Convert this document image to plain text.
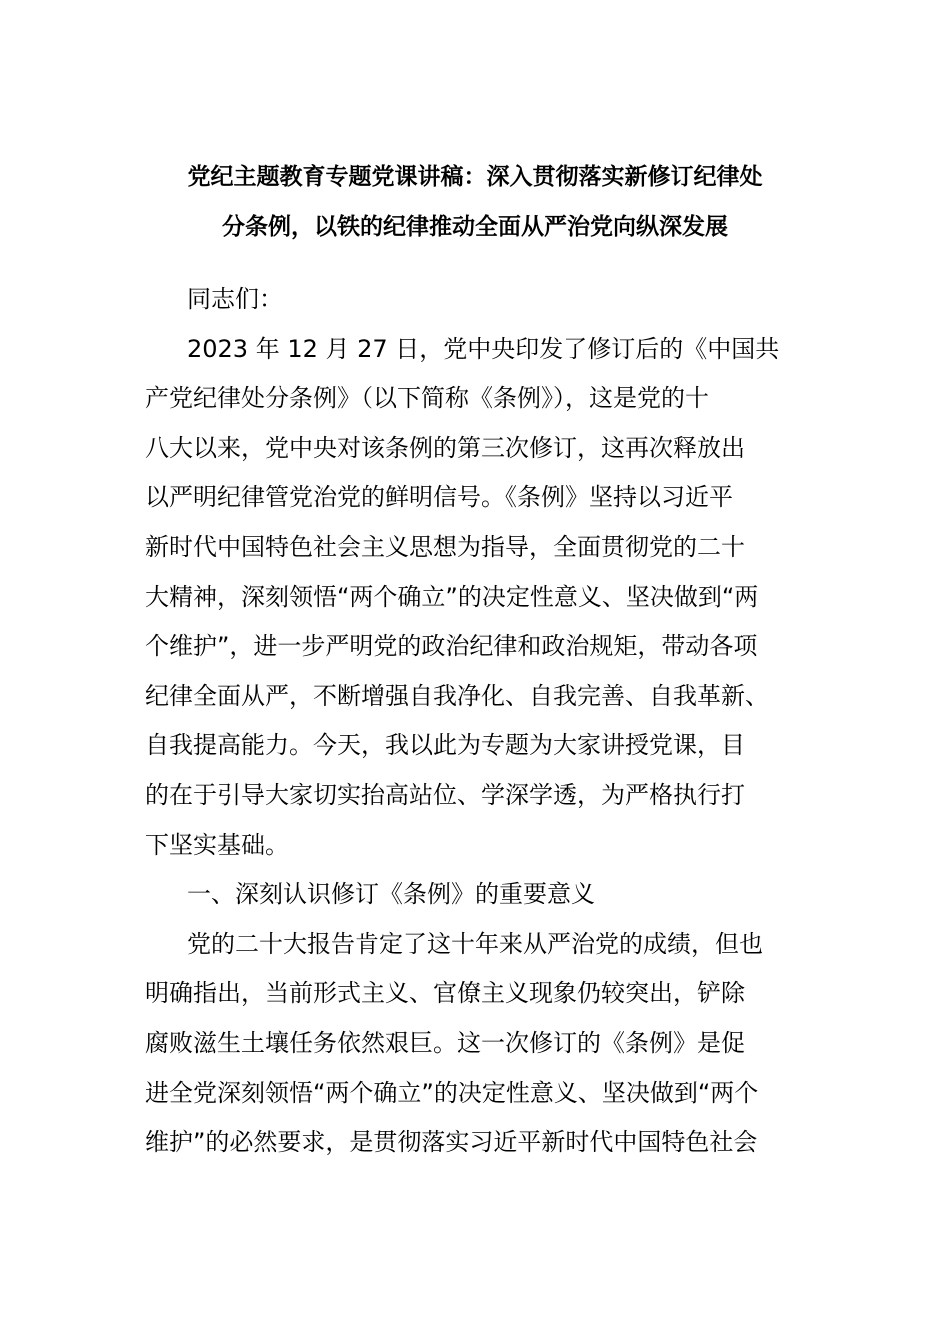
党纪主题教育专题党课讲稿：深入贯彻落实新修订纪律处
分条例，以铁的纪律推动全面从严治党向纵深发展
同志们：
2023 年 12 月 27 日，党中央印发了修订后的《中国共
产党纪律处分条例》（以下简称《条例》），这是党的十
八大以来，党中央对该条例的第三次修订，这再次释放出
以严明纪律管党治党的鲜明信号。《条例》坚持以习近平
新时代中国特色社会主义思想为指导，全面贯彻党的二十
大精神，深刻领悟“两个确立”的决定性意义、坚决做到“两
个维护”，进一步严明党的政治纪律和政治规矩，带动各项
纪律全面从严，不断增强自我净化、自我完善、自我革新、
自我提高能力。今天，我以此为专题为大家讲授党课，目
的在于引导大家切实抬高站位、学深学透，为严格执行打
下坚实基础。
一、深刻认识修订《条例》的重要意义
党的二十大报告肯定了这十年来从严治党的成绩，但也
明确指出，当前形式主义、官僚主义现象仍较突出，铲除
腐败滋生土壤任务依然艰巨。这一次修订的《条例》是促
进全党深刻领悟“两个确立”的决定性意义、坚决做到“两个
维护”的必然要求，是贯彻落实习近平新时代中国特色社会
